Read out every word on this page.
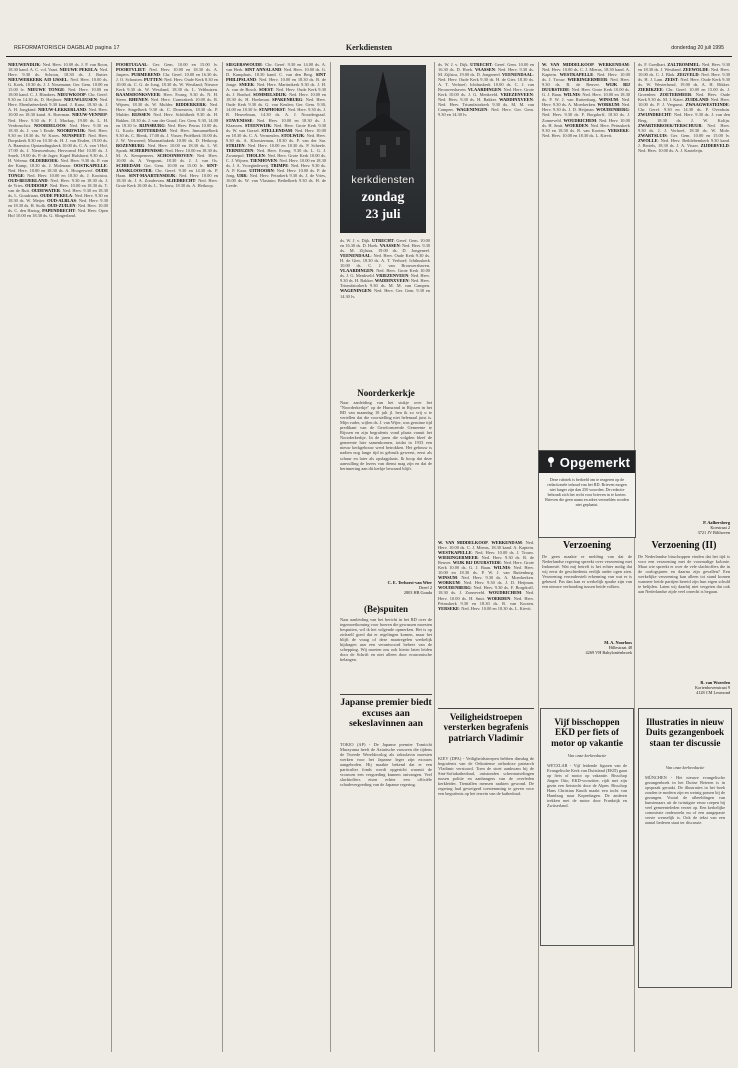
REFORMATORISCH DAGBLAD pagina 17	Kerkdiensten	donderdag 20 juli 1995

NIEUWENDIJK: Ned. Herv. 10.00 ds. J. P. van Roon, 18.30 kand. A. C. v.d. Vaart. NIEUWE PEKELA: Ned. Herv. 9.30 ds. Schoon, 18.30 ds. J. Rutter. NIEUWERKERK A/D IJSSEL: Ned. Herv. 10.00 ds. G. Koek, 18.30 ds. J. J. Nosemann; Ger. Gem. 10.00 en 15.00 lv. NIEUWE TONGE: Ned. Herv. 10.00 en 18.00 kand. C. J. Blankers. NIEUWKOOP: Chr. Geref. 9.30 en 14.30 ds. D. Heijboer. NIEUWLEUSEN: Ned. Herv. Ebenhaëzerkerk 9.30 kand. J. Kunz, 18.30 ds. J. A. H. Jongkind. NIEUW-LEKKERLAND: Ned. Herv. 10.00 en 18.30 kand. A. Boerman. NIEUW-VENNEP: Ned. Herv. 9.30 ds. F. J. Mackay, 19.00 ds. L. H. Verdonschot. NOORDELOOS: Ned. Herv. 9.30 en 18.30 ds. J. van 't Einde. NOORDWIJK: Ned. Herv. 9.30 en 18.30 ds. W. Kroes. NUNSPEET: Ned. Herv. Dorpskerk 8.30 en 10.30 ds. H. J. van Eisden, 19.00 ds. A. Baanstra; Opstandingskerk 10.00 ds. C. A. van 't Hof, 17.00 ds. J. Nieuwenhuis; Hervormd Hof 10.00 ds. J. Smelt, 19.00 ds. P. de Jager; Kapel Hulshorst 9.30 ds. J. H. Velema. OLDEBROEK: Ned. Herv. 9.30 ds. P. van der Kamp, 18.30 ds. J. Molenaar. OOSTKAPELLE: Ned. Herv. 10.00 en 18.30 ds. A. Hoogerwerf. OUDE TONGE: Ned. Herv. 10.00 en 18.30 ds. J. Kooistra. OUD-BEIJERLAND: Ned. Herv. 9.30 en 18.30 ds. J. de Vries. OUDDORP: Ned. Herv. 10.00 en 18.30 ds. T. van de Ruit. OUDEWATER: Ned. Herv. 9.30 en 18.30 ds. L. Goudriaan. OUDE PEKELA: Ned. Herv. 9.30 en 18.30 ds. W. Meijer. OUD-ALBLAS: Ned. Herv. 9.30 en 18.30 ds. H. Stolk. OUD-ZUILEN: Ned. Herv. 10.00 ds. C. den Hartog. PAPENDRECHT: Ned. Herv. Open Hof 10.00 en 18.30 ds. G. Slingerland.

POORTUGAAL: Ger. Gem. 10.00 en 15.00 lv. POORTVLIET: Ned. Herv. 10.00 en 18.30 ds. A. Jaspers. PURMEREND: Chr. Geref. 10.00 en 16.30 ds. J. O. Schouten. PUTTEN: Ned. Herv. Oude Kerk 8.30 en 10.00 ds. C. G. de Jong, 18.30 ds. W. Westland; Nieuwe Kerk 9.30 ds. W. Westland, 18.30 ds. L. Velthuizen. RAAMSDONKSVEER: Herv. Evang. 9.30 ds. N. H. Steen. RHENEN: Ned. Herv. Cunerakerk 10.00 ds. R. Wijnen, 18.30 ds. W. Mulder. RIDDERKERK: Ned. Herv. Singelkerk 9.30 ds. C. Dorrestein, 18.30 ds. P. Mulder. RIJSSEN: Ned. Herv. Schildkerk 9.30 ds. H. Bakker, 18.30 ds. J. van der Graaf; Ger. Gem. 9.30, 14.00 en 18.30 lv. RIJNSBURG: Ned. Herv. Petrus 10.00 ds. G. Koole. ROTTERDAM: Ned. Herv. Immanuëlkerk 9.30 ds. C. Blenk, 17.00 ds. J. Visser; Pniëlkerk 10.00 ds. J. W. Verwoerd; Maranathakerk 10.00 ds. D. Heikoop. ROZENBURG: Ned. Herv. 10.00 en 18.30 ds. L. W. Sponk. SCHERPENISSE: Ned. Herv. 10.00 en 18.30 ds. M. A. Kempeneers. SCHOONHOVEN: Ned. Herv. 10.00 ds. A. Vergunst, 18.30 ds. J. J. van Os. SCHIEDAM: Ger. Gem. 10.00 en 15.00 lv. SINT-JANSKLOOSTER: Chr. Geref. 9.30 en 14.30 ds. P. Haan. SINT-MAARTENSDIJK: Ned. Herv. 10.00 en 18.30 ds. J. A. Zondervan. SLIEDRECHT: Ned. Herv. Grote Kerk 10.00 ds. L. Terlouw, 18.30 ds. A. Heikoop.

SIEGERSWOUDE: Chr. Geref. 9.30 en 14.00 ds. A. van Herk. SINT ANNALAND: Ned. Herv. 10.00 ds. G. D. Kamphuis, 18.30 kand. C. van den Berg. SINT PHILIPSLAND: Ned. Herv. 10.00 en 18.30 ds. B. de Jonge. SNEEK: Ned. Herv. Martinikerk 9.30 ds. J. H. A. van de Bosch. SOEST: Ned. Herv. Oude Kerk 9.30 ds. J. Bonhof. SOMMELSDIJK: Ned. Herv. 10.00 en 18.30 ds. H. Hoekman. SPAKENBURG: Ned. Herv. Oude Kerk 9.30 ds. G. van Keulen; Ger. Gem. 9.30, 14.00 en 18.30 lv. STAPHORST: Ned. Herv. 9.30 ds. J. B. Heuvelman, 14.30 ds. A. J. Noordergraaf. STAVENISSE: Ned. Herv. 10.00 en 18.30 ds. J. Klaassen. STEENWIJK: Ned. Herv. Grote Kerk 9.30 ds. W. van Gorsel. STELLENDAM: Ned. Herv. 10.00 en 18.30 ds. C. A. Vermeulen. STOLWIJK: Ned. Herv. 9.30 ds. A. Kloosterman, 18.30 ds. P. van der Sar. STRIJEN: Ned. Herv. 10.00 en 18.30 ds. P. Scheele. TERNEUZEN: Ned. Herv. Evang. 9.30 ds. L. G. J. Zwanepol. THOLEN: Ned. Herv. Grote Kerk 10.00 ds. C. J. Wijnen. TIENHOVEN: Ned. Herv. 10.00 en 18.30 ds. J. A. Vroegindeweij. TRIMPE: Ned. Herv. 9.30 ds. A. P. Kaan. UITHOORN: Ned. Herv. 10.00 ds. P. de Jong. URK: Ned. Herv. Petrakerk 9.30 ds. J. de Vries, 16.00 ds. W. van Vlastuin; Bethelkerk 9.30 ds. H. de Leede.

ds. W. J. v. Dijk. UTRECHT: Geref. Gem. 10.00 en 16.30 ds. D. Hoek. VAASSEN: Ned. Herv. 9.30 ds. M. Zijlstra, 19.00 ds. D. Jongeneel. VEENENDAAL: Ned. Herv. Oude Kerk 9.30 ds. H. de Gier, 18.30 ds. A. T. Verhoef; Ichthuskerk 10.00 ds. C. J. van Brouwershaven. VLAARDINGEN: Ned. Herv. Grote Kerk 10.00 ds. J. G. Menkveld. VRIEZENVEEN: Ned. Herv. 9.30 ds. H. Bakker. WADDINXVEEN: Ned. Herv. Triumfatorkerk 9.30 ds. M. M. van Campen. WAGENINGEN: Ned. Herv. Ger. Gem. 9.30 en 14.30 lv.

W. VAN MIDDELKOOP. WERKENDAM: Ned. Herv. 10.00 ds. C. J. Mieras, 18.30 kand. A. Kaptein. WESTKAPELLE: Ned. Herv. 10.00 ds. J. Trouw. WIERINGERMEER: Ned. Herv. 9.30 ds. R. de Reuver. WIJK BIJ DUURSTEDE: Ned. Herv. Grote Kerk 10.00 ds. G. J. Baan. WILNIS: Ned. Herv. 10.00 en 18.30 ds. P. W. J. van Ruitenburg. WINSUM: Ned. Herv. 9.30 ds. A. Moerkerken. WORKUM: Ned. Herv. 9.30 ds. J. D. Heijman. WOUDENBERG: Ned. Herv. 9.30 ds. F. Borgdorff, 18.30 ds. J. Zonneveld. WOUDRICHEM: Ned. Herv. 10.00 ds. H. Smit. WOERDEN: Ned. Herv. Petruskerk 9.30 en 18.30 ds. R. van Kooten. YERSEKE: Ned. Herv. 10.00 en 18.30 ds. L. Kievit.

ds. F. Goedhart. ZALTBOMMEL: Ned. Herv. 9.30 en 18.30 ds. J. Westland. ZEEWOLDE: Ned. Herv. 10.00 ds. C. J. Blok. ZEGVELD: Ned. Herv. 9.30 ds. H. J. Lam. ZEIST: Ned. Herv. Oude Kerk 9.30 ds. W. Westerhoud, 19.00 ds. A. H. Bikker. ZIERIKZEE: Chr. Geref. 10.00 en 15.00 ds. J. Groenleer. ZOETERMEER: Ned. Herv. Oude Kerk 9.30 ds. M. J. Kater. ZUIDLAND: Ned. Herv. 10.00 ds. P. J. Vergunst. ZWAAGWESTEINDE: Chr. Geref. 9.30 en 14.30 ds. P. Overduin. ZWIJNDRECHT: Ned. Herv. 9.30 ds. J. van den Berg, 18.30 ds. J. W. Kolijn. ZWARTEBROEK/TERSCHUUR: Ned. Herv. 9.30 ds. J. J. Verhoef, 18.30 ds. W. Mole. ZWARTSLUIS: Ger. Gem. 10.00 en 15.00 lv. ZWOLLE: Ned. Herv. Bethlehemkerk 9.30 kand. J. Bertels, 18.30 ds. J. A. Visser. ZIJDERVELD: Ned. Herv. 10.00 ds. A. J. Kasteleijn.

kerkdiensten
zondag
23 juli

ds. W. J. v. Dijk. UTRECHT: Geref. Gem. 10.00 en 16.30 ds. D. Hoek. VAASSEN: Ned. Herv. 9.30 ds. M. Zijlstra, 19.00 ds. D. Jongeneel. VEENENDAAL: Ned. Herv. Oude Kerk 9.30 ds. H. de Gier, 18.30 ds. A. T. Verhoef; Ichthuskerk 10.00 ds. C. J. van Brouwershaven. VLAARDINGEN: Ned. Herv. Grote Kerk 10.00 ds. J. G. Menkveld. VRIEZENVEEN: Ned. Herv. 9.30 ds. H. Bakker. WADDINXVEEN: Ned. Herv. Triumfatorkerk 9.30 ds. M. M. van Campen. WAGENINGEN: Ned. Herv. Ger. Gem. 9.30 en 14.30 lv.

Noorderkerkje
Naar aanleiding van het stukje over het "Noorderkerkje" op de Hunsrand in Rijssen in het RD van maandag 10 juli jl. ben ik zo vrij u te vertellen dat die voorstelling niet helemaal juist is. Mijn vader, wijlen ds. J. van Wijer, was geruime tijd predikant van de Gereformeerde Gemeente te Rijssen en zijn begrafenis vond plaats vanuit het Noorderkerkje. In de jaren die volgden bleef de gemeente hier samenkomen, totdat in 1933 een nieuw kerkgebouw werd betrokken. Het gebouw is nadien nog lange tijd in gebruik geweest, eerst als schuur en later als opslagplaats. Ik hoop dat deze aanvulling de lezers van dienst mag zijn en dat de herinnering aan dit kerkje bewaard blijft.
C. E. Terhorst-van Wier
Dreef 2
2803 HB Gouda
(Be)spuiten
Naar aanleiding van het bericht in het RD over de tegemoetkoming voor boeren die gewassen moesten bespuiten, wil ik het volgende opmerken. Het is op zichzelf goed dat er regelingen komen, maar het blijft de vraag of deze maatregelen werkelijk bijdragen aan een verantwoord beheer van de schepping. Wij moeten ons ook hierin laten leiden door de Schrift en niet alleen door economische belangen.
Japanse premier biedt excuses aan sekeslavinnen aan
TOKIO (AP) - De Japanse premier Tomiichi Murayama heeft de Aziatische vrouwen die tijdens de Tweede Wereldoorlog als seksslavin moesten werken voor het Japanse leger zijn excuses aangeboden. Hij maakte bekend dat er een particulier fonds wordt opgericht waaruit de vrouwen een vergoeding kunnen ontvangen. Veel slachtoffers eisen echter een officiële schadevergoeding van de Japanse regering.
Opgemerkt
Deze rubriek is bedoeld om te reageren op de redactionele inhoud van het RD. Brieven mogen niet langer zijn dan 250 woorden. De redactie behoudt zich het recht voor brieven in te korten. Brieven die geen naam en adres vermelden worden niet geplaatst.

W. VAN MIDDELKOOP. WERKENDAM: Ned. Herv. 10.00 ds. C. J. Mieras, 18.30 kand. A. Kaptein. WESTKAPELLE: Ned. Herv. 10.00 ds. J. Trouw. WIERINGERMEER: Ned. Herv. 9.30 ds. R. de Reuver. WIJK BIJ DUURSTEDE: Ned. Herv. Grote Kerk 10.00 ds. G. J. Baan. WILNIS: Ned. Herv. 10.00 en 18.30 ds. P. W. J. van Ruitenburg. WINSUM: Ned. Herv. 9.30 ds. A. Moerkerken. WORKUM: Ned. Herv. 9.30 ds. J. D. Heijman. WOUDENBERG: Ned. Herv. 9.30 ds. F. Borgdorff, 18.30 ds. J. Zonneveld. WOUDRICHEM: Ned. Herv. 10.00 ds. H. Smit. WOERDEN: Ned. Herv. Petruskerk 9.30 en 18.30 ds. R. van Kooten. YERSEKE: Ned. Herv. 10.00 en 18.30 ds. L. Kievit.

Veiligheidstroepen versterken begrafenis patriarch Vladimir
KIEV (DPA) - Veiligheidstroepen hebben dinsdag de begrafenis van de Oekraïense orthodoxe patriarch Vladimir verstoord. Toen de stoet aankwam bij de Sint-Sofiakathedraal, ontstonden schermutselingen tussen politie en aanhangers van de overleden kerkleider. Tientallen mensen raakten gewond. De regering had geweigerd toestemming te geven voor een begrafenis op het terrein van de kathedraal.
Verzoening
De geen maakte er melding van dat de Nederlandse regering spreekt over verzoening met Indonesië. Wat mij betreft is het echter nodig dat wij eerst de geschiedenis eerlijk onder ogen zien. Verzoening veronderstelt erkenning van wat er is gebeurd. Pas dan kan er werkelijk sprake zijn van een nieuwe verhouding tussen beide volken.
M. A. Noorloos
Hillestraat 48
4269 VH Babyloniënbroek
P. Aalbersberg
Koestraat 2
3721 JV Bilthoven
Verzoening (II)
De Nederlandse bisschoppen vinden dat het tijd is voor een verzoening met de voormalige kolonie. Maar wie spreekt er over de vele slachtoffers die in de oorlogsjaren en daarna zijn gevallen? Een werkelijke verzoening kan alleen tot stand komen wanneer beide partijen bereid zijn hun eigen schuld te belijden. Laten wij daarbij niet vergeten dat ook aan Nederlandse zijde veel onrecht is begaan.
R. van Woerden
Kortenhovenstraat 9
4128 CM Lexmond
Vijf bisschoppen EKD per fiets of motor op vakantie
Van onze kerkredactie
WETZLAR - Vijf leidende figuren van de Evangelische Kerk van Duitsland (EKD) gaan op fiets of motor op vakantie. Bisschop Jürgen Otto, EKD-voorzitter, rijdt met zijn gezin een fietstocht door de Alpen. Bisschop Hans Christian Knuth maakt een tocht van Hamburg naar Kopenhagen. De anderen trekken met de motor door Frankrijk en Zwitserland.
Illustraties in nieuw Duits gezangenboek staan ter discussie
Van onze kerkredactie
MÜNCHEN - Het nieuwe evangelische gezangenboek in het Duitse Beieren is in opspraak geraakt. De illustraties in het boek zouden te modern zijn en weinig passen bij de gezangen. Vooral de afbeeldingen van kunstenaars uit de twintigste eeuw roepen bij veel gemeenteleden verzet op. Een kerkelijke commissie onderzoekt nu of een aangepaste versie wenselijk is. Ook de tekst van een aantal liederen staat ter discussie.
